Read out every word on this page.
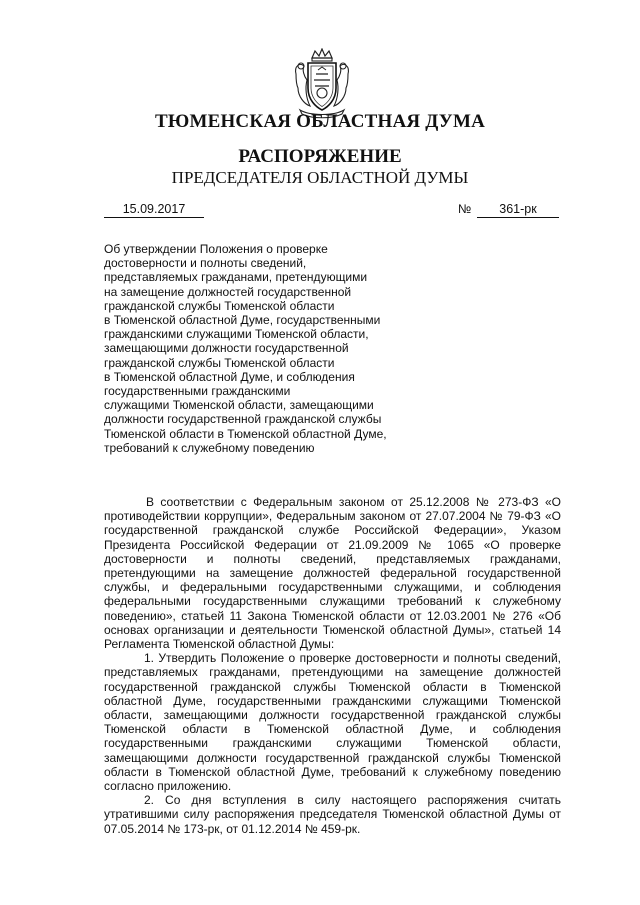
ТЮМЕНСКАЯ ОБЛАСТНАЯ ДУМА
РАСПОРЯЖЕНИЕ
ПРЕДСЕДАТЕЛЯ ОБЛАСТНОЙ ДУМЫ
15.09.2017	№	361-рк
Об утверждении Положения о проверке
достоверности и полноты сведений,
представляемых гражданами, претендующими
на замещение должностей государственной
гражданской службы Тюменской области
в Тюменской областной Думе, государственными
гражданскими служащими Тюменской области,
замещающими должности государственной
гражданской службы Тюменской области
в Тюменской областной Думе, и соблюдения
государственными гражданскими
служащими Тюменской области, замещающими
должности государственной гражданской службы
Тюменской области в Тюменской областной Думе,
требований к служебному поведению

В соответствии с Федеральным законом от 25.12.2008 № 273-ФЗ «О противодействии коррупции», Федеральным законом от 27.07.2004 № 79-ФЗ «О государственной гражданской службе Российской Федерации», Указом Президента Российской Федерации от 21.09.2009 № 1065 «О проверке достоверности и полноты сведений, представляемых гражданами, претендующими на замещение должностей федеральной государственной службы, и федеральными государственными служащими, и соблюдения федеральными государственными служащими требований к служебному поведению», статьей 11 Закона Тюменской области от 12.03.2001 № 276 «Об основах организации и деятельности Тюменской областной Думы», статьей 14 Регламента Тюменской областной Думы:

1. Утвердить Положение о проверке достоверности и полноты сведений, представляемых гражданами, претендующими на замещение должностей государственной гражданской службы Тюменской области в Тюменской областной Думе, государственными гражданскими служащими Тюменской области, замещающими должности государственной гражданской службы Тюменской области в Тюменской областной Думе, и соблюдения государственными гражданскими служащими Тюменской области, замещающими должности государственной гражданской службы Тюменской области в Тюменской областной Думе, требований к служебному поведению согласно приложению.

2. Со дня вступления в силу настоящего распоряжения считать утратившими силу распоряжения председателя Тюменской областной Думы от 07.05.2014 № 173-рк, от 01.12.2014 № 459-рк.
